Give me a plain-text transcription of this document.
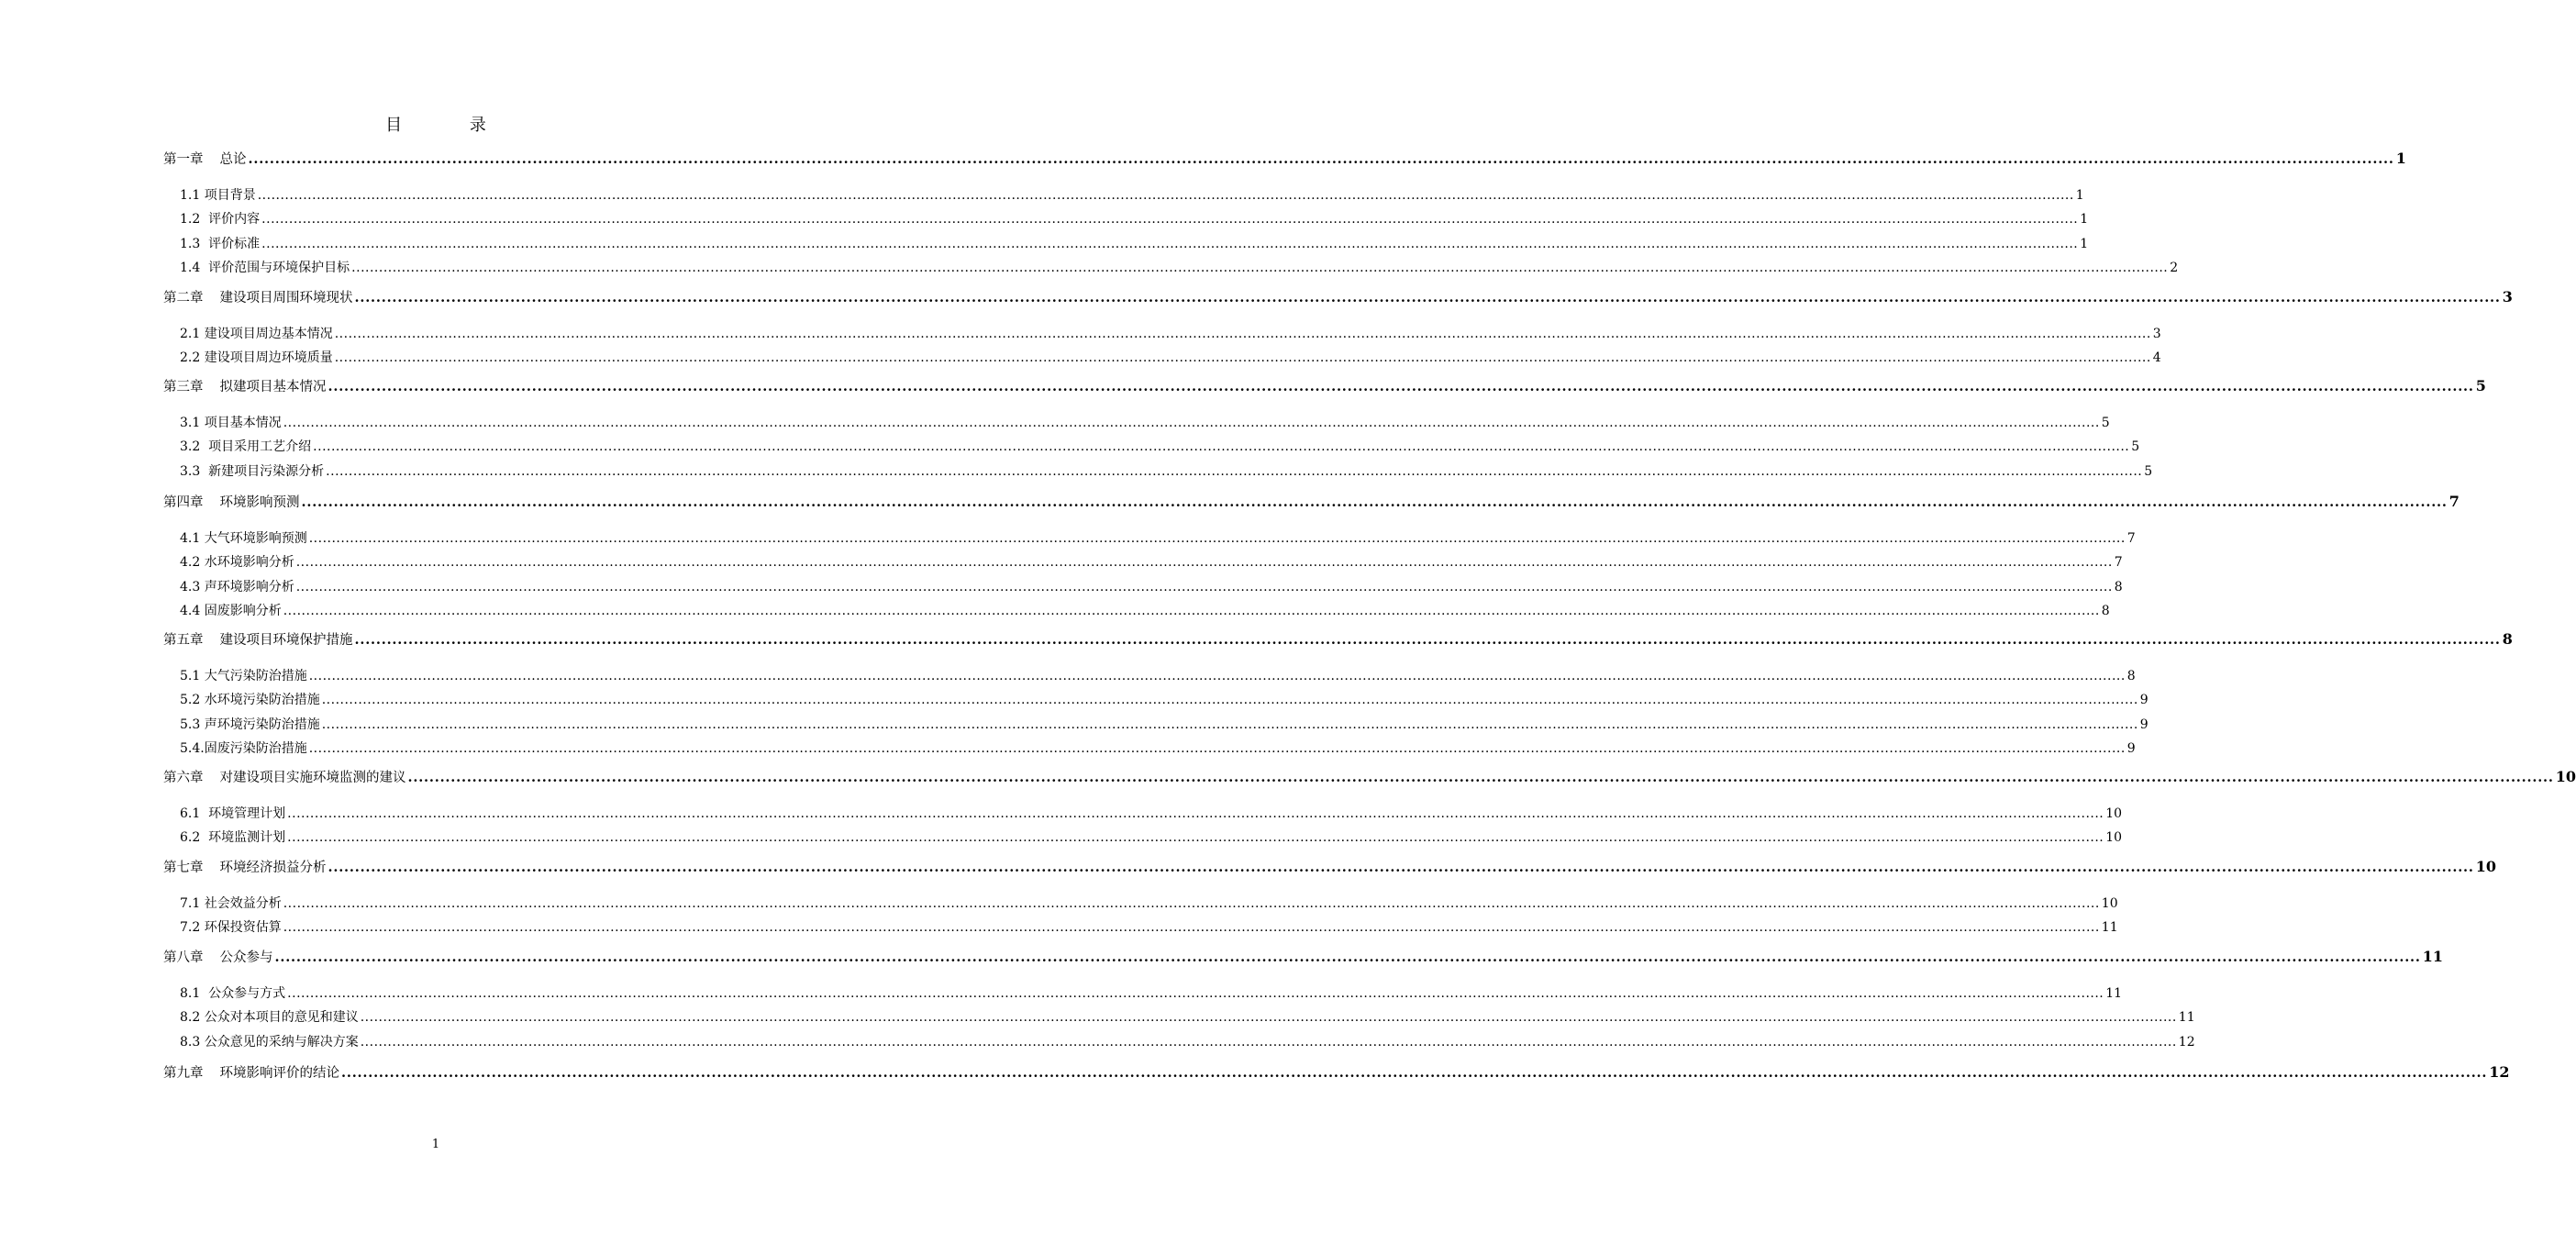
目 录
第一章 总论 ................................................................................................................................................................................................................................................................................................................................................................................................................ 1
1.1 项目背景 ................................................................................................................................................................................................................................................................................................................................................................................................................ 1
1.2  评价内容 ................................................................................................................................................................................................................................................................................................................................................................................................................ 1
1.3  评价标准 ................................................................................................................................................................................................................................................................................................................................................................................................................ 1
1.4  评价范围与环境保护目标 ................................................................................................................................................................................................................................................................................................................................................................................................................ 2
第二章 建设项目周围环境现状 ................................................................................................................................................................................................................................................................................................................................................................................................................ 3
2.1 建设项目周边基本情况 ................................................................................................................................................................................................................................................................................................................................................................................................................ 3
2.2 建设项目周边环境质量 ................................................................................................................................................................................................................................................................................................................................................................................................................ 4
第三章 拟建项目基本情况 ................................................................................................................................................................................................................................................................................................................................................................................................................ 5
3.1 项目基本情况 ................................................................................................................................................................................................................................................................................................................................................................................................................ 5
3.2  项目采用工艺介绍 ................................................................................................................................................................................................................................................................................................................................................................................................................ 5
3.3  新建项目污染源分析 ................................................................................................................................................................................................................................................................................................................................................................................................................ 5
第四章 环境影响预测 ................................................................................................................................................................................................................................................................................................................................................................................................................ 7
4.1 大气环境影响预测 ................................................................................................................................................................................................................................................................................................................................................................................................................ 7
4.2 水环境影响分析 ................................................................................................................................................................................................................................................................................................................................................................................................................ 7
4.3 声环境影响分析 ................................................................................................................................................................................................................................................................................................................................................................................................................ 8
4.4 固废影响分析 ................................................................................................................................................................................................................................................................................................................................................................................................................ 8
第五章 建设项目环境保护措施 ................................................................................................................................................................................................................................................................................................................................................................................................................ 8
5.1 大气污染防治措施 ................................................................................................................................................................................................................................................................................................................................................................................................................ 8
5.2 水环境污染防治措施 ................................................................................................................................................................................................................................................................................................................................................................................................................ 9
5.3 声环境污染防治措施 ................................................................................................................................................................................................................................................................................................................................................................................................................ 9
5.4.固废污染防治措施 ................................................................................................................................................................................................................................................................................................................................................................................................................ 9
第六章 对建设项目实施环境监测的建议 ................................................................................................................................................................................................................................................................................................................................................................................................................ 10
6.1  环境管理计划 ................................................................................................................................................................................................................................................................................................................................................................................................................ 10
6.2  环境监测计划 ................................................................................................................................................................................................................................................................................................................................................................................................................ 10
第七章 环境经济损益分析 ................................................................................................................................................................................................................................................................................................................................................................................................................ 10
7.1 社会效益分析 ................................................................................................................................................................................................................................................................................................................................................................................................................ 10
7.2 环保投资估算 ................................................................................................................................................................................................................................................................................................................................................................................................................ 11
第八章 公众参与 ................................................................................................................................................................................................................................................................................................................................................................................................................ 11
8.1  公众参与方式 ................................................................................................................................................................................................................................................................................................................................................................................................................ 11
8.2 公众对本项目的意见和建议 ................................................................................................................................................................................................................................................................................................................................................................................................................ 11
8.3 公众意见的采纳与解决方案 ................................................................................................................................................................................................................................................................................................................................................................................................................ 12
第九章 环境影响评价的结论 ................................................................................................................................................................................................................................................................................................................................................................................................................ 12
1
